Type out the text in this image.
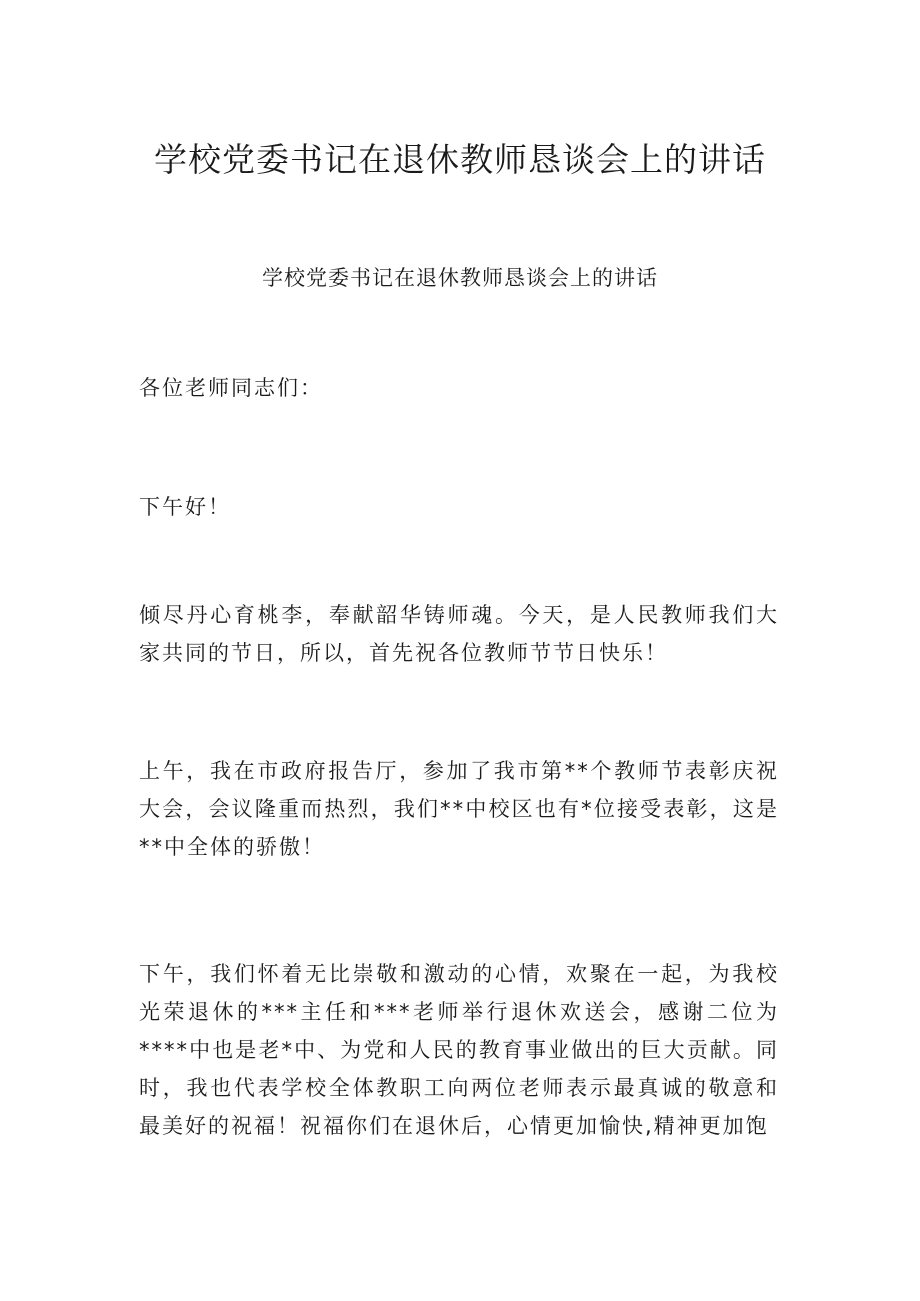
学校党委书记在退休教师恳谈会上的讲话
学校党委书记在退休教师恳谈会上的讲话

各位老师同志们：

下午好！

倾尽丹心育桃李，奉献韶华铸师魂。今天，是人民教师我们大家共同的节日，所以，首先祝各位教师节节日快乐！

上午，我在市政府报告厅，参加了我市第**个教师节表彰庆祝大会，会议隆重而热烈，我们**中校区也有*位接受表彰，这是**中全体的骄傲！

下午，我们怀着无比崇敬和激动的心情，欢聚在一起，为我校光荣退休的***主任和***老师举行退休欢送会，感谢二位为****中也是老*中、为党和人民的教育事业做出的巨大贡献。同时，我也代表学校全体教职工向两位老师表示最真诚的敬意和最美好的祝福！祝福你们在退休后，心情更加愉快,精神更加饱
